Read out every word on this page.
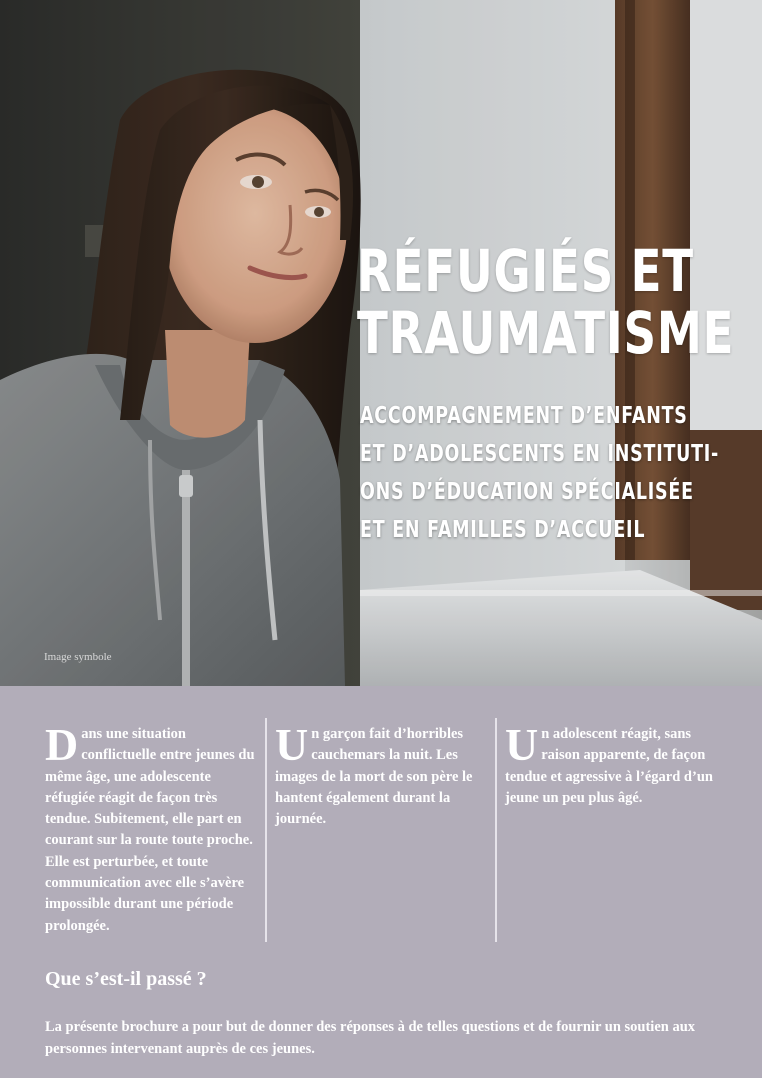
RÉFUGIÉS ET
TRAUMATISME
ACCOMPAGNEMENT D’ENFANTS
ET D’ADOLESCENTS EN INSTITUTI-
ONS D’ÉDUCATION SPÉCIALISÉE
ET EN FAMILLES D’ACCUEIL
Image symbole
Dans une situation conflictuelle entre jeunes du même âge, une adolescente réfugiée réagit de façon très tendue. Subitement, elle part en courant sur la route toute proche. Elle est perturbée, et toute communication avec elle s’avère impossible durant une période prolongée.
Un garçon fait d’horribles cauchemars la nuit. Les images de la mort de son père le hantent également durant la journée.
Un adolescent réagit, sans raison apparente, de façon tendue et agressive à l’égard d’un jeune un peu plus âgé.
Que s’est-il passé ?
La présente brochure a pour but de donner des réponses à de telles questions et de fournir un soutien aux personnes intervenant auprès de ces jeunes.
